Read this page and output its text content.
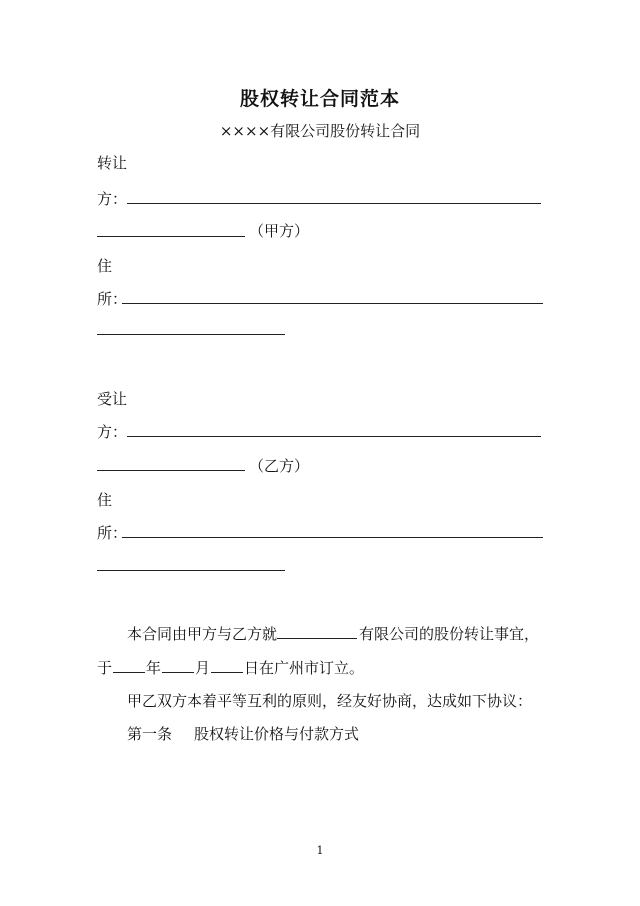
股权转让合同范本
××××有限公司股份转让合同
转让
方：
（甲方）
住
所：
受让
方：
（乙方）
住
所：
本合同由甲方与乙方就	有限公司的股份转让事宜，
于 年 月 日在广州市订立。
甲乙双方本着平等互利的原则，经友好协商，达成如下协议：
第一条 股权转让价格与付款方式
1
